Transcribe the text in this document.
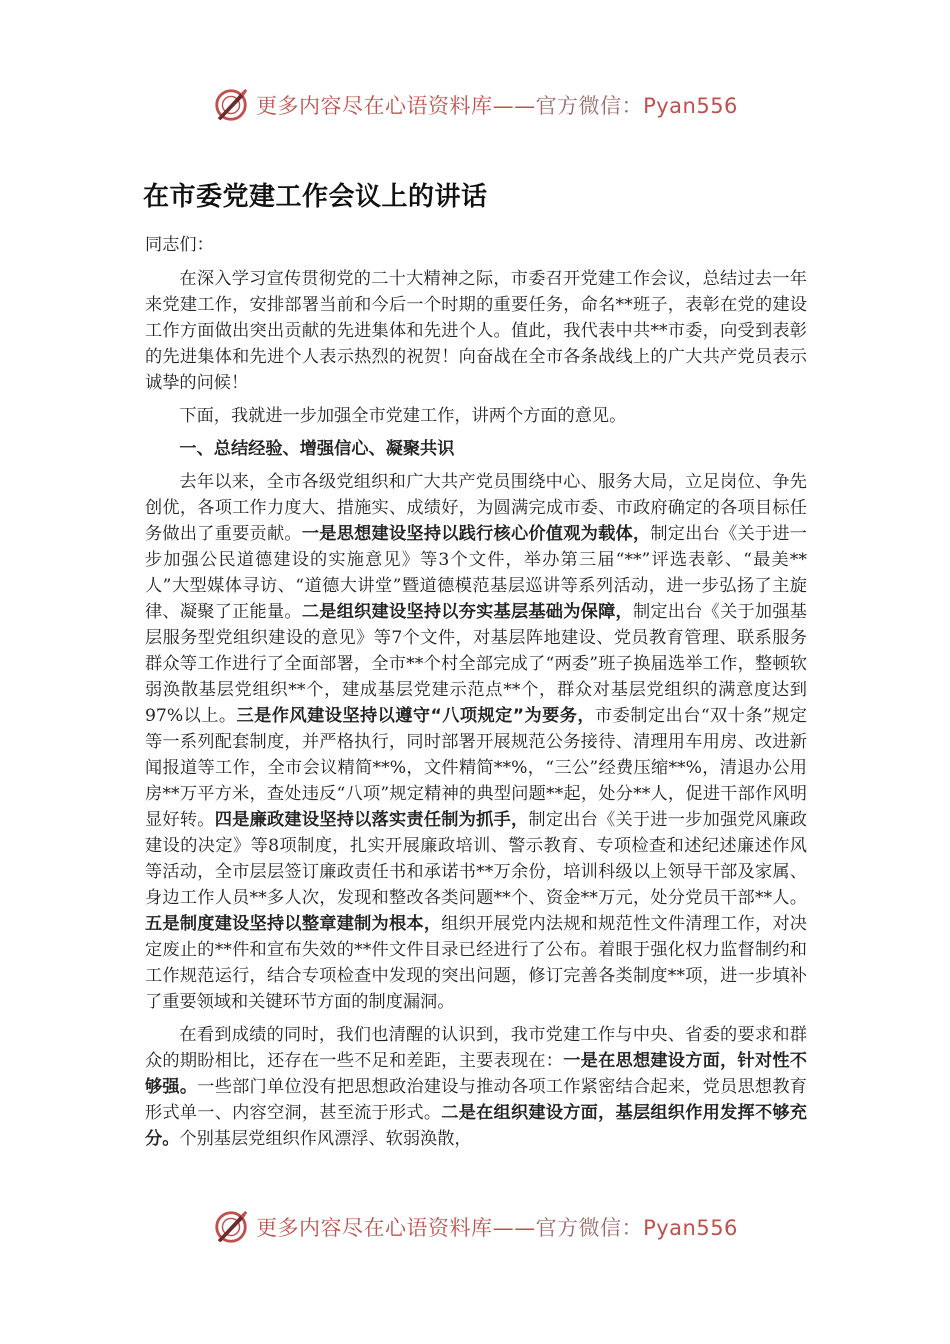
更多内容尽在心语资料库——官方微信：Pyan556
在市委党建工作会议上的讲话

同志们：

在深入学习宣传贯彻党的二十大精神之际，市委召开党建工作会议，总结过去一年来党建工作，安排部署当前和今后一个时期的重要任务，命名**班子，表彰在党的建设工作方面做出突出贡献的先进集体和先进个人。值此，我代表中共**市委，向受到表彰的先进集体和先进个人表示热烈的祝贺！向奋战在全市各条战线上的广大共产党员表示诚挚的问候！

下面，我就进一步加强全市党建工作，讲两个方面的意见。

一、总结经验、增强信心、凝聚共识

去年以来，全市各级党组织和广大共产党员围绕中心、服务大局，立足岗位、争先创优，各项工作力度大、措施实、成绩好，为圆满完成市委、市政府确定的各项目标任务做出了重要贡献。一是思想建设坚持以践行核心价值观为载体，制定出台《关于进一步加强公民道德建设的实施意见》等3个文件，举办第三届“**”评选表彰、“最美**人”大型媒体寻访、“道德大讲堂”暨道德模范基层巡讲等系列活动，进一步弘扬了主旋律、凝聚了正能量。二是组织建设坚持以夯实基层基础为保障，制定出台《关于加强基层服务型党组织建设的意见》等7个文件，对基层阵地建设、党员教育管理、联系服务群众等工作进行了全面部署，全市**个村全部完成了“两委”班子换届选举工作，整顿软弱涣散基层党组织**个，建成基层党建示范点**个，群众对基层党组织的满意度达到97%以上。三是作风建设坚持以遵守“八项规定”为要务，市委制定出台“双十条”规定等一系列配套制度，并严格执行，同时部署开展规范公务接待、清理用车用房、改进新闻报道等工作，全市会议精简**%，文件精简**%，“三公”经费压缩**%，清退办公用房**万平方米，查处违反“八项”规定精神的典型问题**起，处分**人，促进干部作风明显好转。四是廉政建设坚持以落实责任制为抓手，制定出台《关于进一步加强党风廉政建设的决定》等8项制度，扎实开展廉政培训、警示教育、专项检查和述纪述廉述作风等活动，全市层层签订廉政责任书和承诺书**万余份，培训科级以上领导干部及家属、身边工作人员**多人次，发现和整改各类问题**个、资金**万元，处分党员干部**人。五是制度建设坚持以整章建制为根本，组织开展党内法规和规范性文件清理工作，对决定废止的**件和宣布失效的**件文件目录已经进行了公布。着眼于强化权力监督制约和工作规范运行，结合专项检查中发现的突出问题，修订完善各类制度**项，进一步填补了重要领域和关键环节方面的制度漏洞。

在看到成绩的同时，我们也清醒的认识到，我市党建工作与中央、省委的要求和群众的期盼相比，还存在一些不足和差距，主要表现在：一是在思想建设方面，针对性不够强。一些部门单位没有把思想政治建设与推动各项工作紧密结合起来，党员思想教育形式单一、内容空洞，甚至流于形式。二是在组织建设方面，基层组织作用发挥不够充分。个别基层党组织作风漂浮、软弱涣散，

更多内容尽在心语资料库——官方微信：Pyan556
